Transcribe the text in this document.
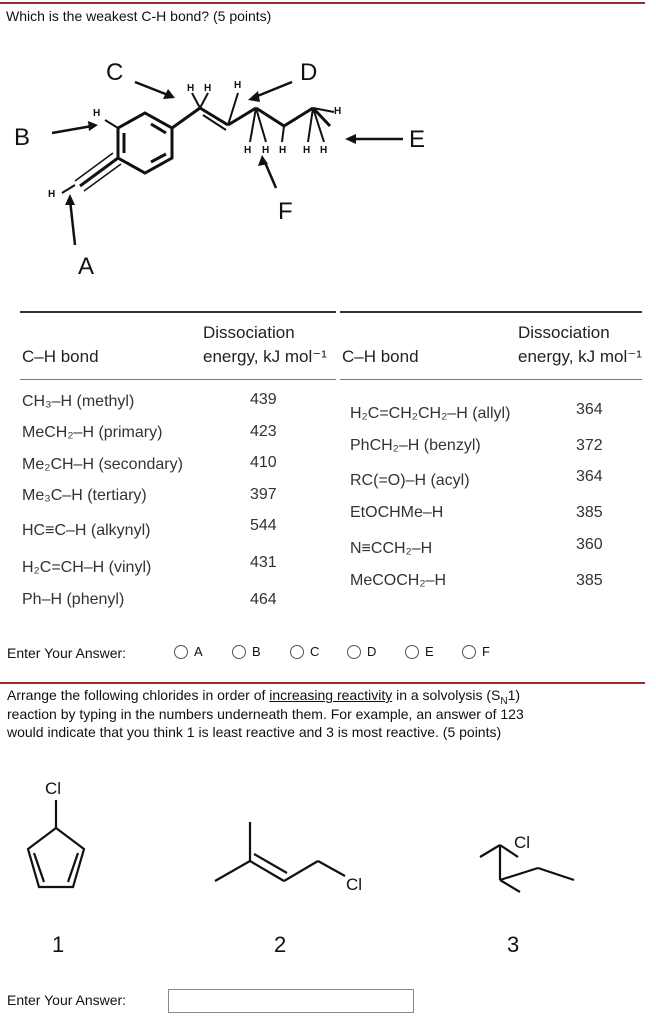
Which is the weakest C-H bond? (5 points)
H
H
H H H
H H H H H
H
C	D
B	E
F
A
Dissociation
C–H bond	energy, kJ mol⁻¹
Dissociation
C–H bond	energy, kJ mol⁻¹
CH₃–H (methyl)	439
MeCH₂–H (primary)	423
Me₂CH–H (secondary)	410
Me₃C–H (tertiary)	397
HC≡C–H (alkynyl)	544
H₂C=CH–H (vinyl)	431
Ph–H (phenyl)	464
H₂C=CH₂CH₂–H (allyl)	364
PhCH₂–H (benzyl)	372
RC(=O)–H (acyl)	364
EtOCHMe–H	385
N≡CCH₂–H	360
MeCOCH₂–H	385
Enter Your Answer:	A	B	C	D	E	F
Arrange the following chlorides in order of increasing reactivity in a solvolysis $(S_N1)$
reaction by typing in the numbers underneath them. For example, an answer of 123
would indicate that you think 1 is least reactive and 3 is most reactive. (5 points)
Cl
Cl
Cl
1	2	3
Enter Your Answer:
